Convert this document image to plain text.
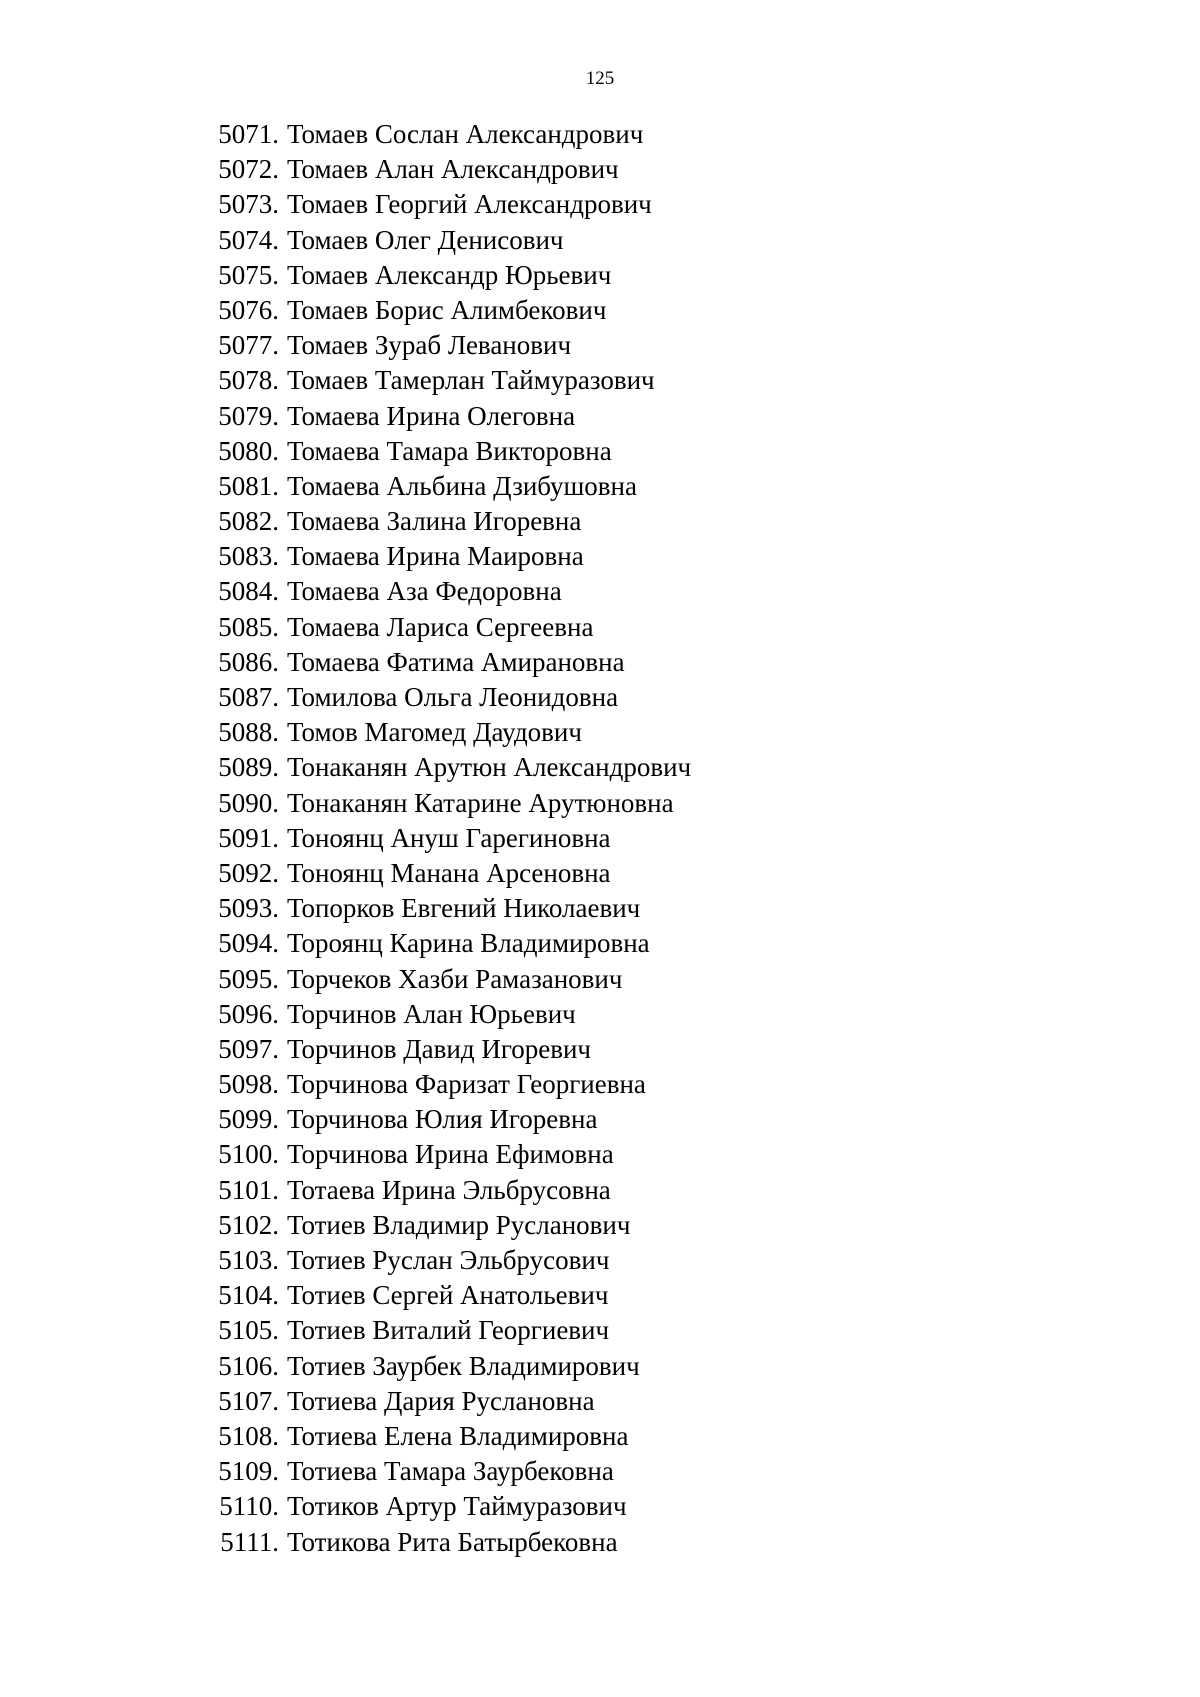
125
5071. Томаев Сослан Александрович
5072. Томаев Алан Александрович
5073. Томаев Георгий Александрович
5074. Томаев Олег Денисович
5075. Томаев Александр Юрьевич
5076. Томаев Борис Алимбекович
5077. Томаев Зураб Леванович
5078. Томаев Тамерлан Таймуразович
5079. Томаева Ирина Олеговна
5080. Томаева Тамара Викторовна
5081. Томаева Альбина Дзибушовна
5082. Томаева Залина Игоревна
5083. Томаева Ирина Маировна
5084. Томаева Аза Федоровна
5085. Томаева Лариса Сергеевна
5086. Томаева Фатима Амирановна
5087. Томилова Ольга Леонидовна
5088. Томов Магомед Даудович
5089. Тонаканян Арутюн Александрович
5090. Тонаканян Катарине Арутюновна
5091. Тоноянц Ануш Гарегиновна
5092. Тоноянц Манана Арсеновна
5093. Топорков Евгений Николаевич
5094. Тороянц Карина Владимировна
5095. Торчеков Хазби Рамазанович
5096. Торчинов Алан Юрьевич
5097. Торчинов Давид Игоревич
5098. Торчинова Фаризат Георгиевна
5099. Торчинова Юлия Игоревна
5100. Торчинова Ирина Ефимовна
5101. Тотаева Ирина Эльбрусовна
5102. Тотиев Владимир Русланович
5103. Тотиев Руслан Эльбрусович
5104. Тотиев Сергей Анатольевич
5105. Тотиев Виталий Георгиевич
5106. Тотиев Заурбек Владимирович
5107. Тотиева Дария Руслановна
5108. Тотиева Елена Владимировна
5109. Тотиева Тамара Заурбековна
5110. Тотиков Артур Таймуразович
5111. Тотикова Рита Батырбековна
